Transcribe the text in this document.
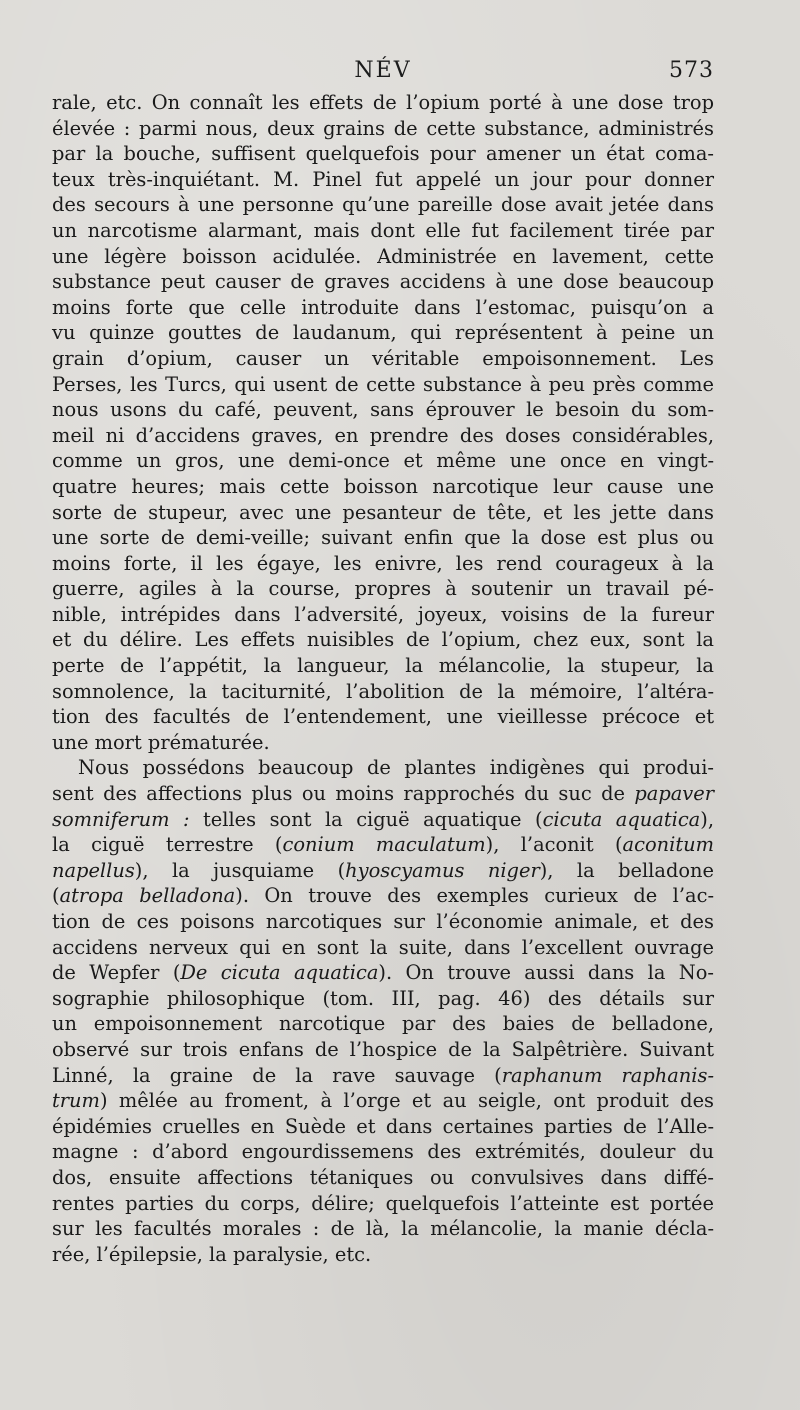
NÉV	573
rale, etc. On connaît les effets de l’opium porté à une dose trop
élevée : parmi nous, deux grains de cette substance, administrés
par la bouche, suffisent quelquefois pour amener un état coma-
teux très-inquiétant. M. Pinel fut appelé un jour pour donner
des secours à une personne qu’une pareille dose avait jetée dans
un narcotisme alarmant, mais dont elle fut facilement tirée par
une légère boisson acidulée. Administrée en lavement, cette
substance peut causer de graves accidens à une dose beaucoup
moins forte que celle introduite dans l’estomac, puisqu’on a
vu quinze gouttes de laudanum, qui représentent à peine un
grain d’opium, causer un véritable empoisonnement. Les
Perses, les Turcs, qui usent de cette substance à peu près comme
nous usons du café, peuvent, sans éprouver le besoin du som-
meil ni d’accidens graves, en prendre des doses considérables,
comme un gros, une demi-once et même une once en vingt-
quatre heures; mais cette boisson narcotique leur cause une
sorte de stupeur, avec une pesanteur de tête, et les jette dans
une sorte de demi-veille; suivant enfin que la dose est plus ou
moins forte, il les égaye, les enivre, les rend courageux à la
guerre, agiles à la course, propres à soutenir un travail pé-
nible, intrépides dans l’adversité, joyeux, voisins de la fureur
et du délire. Les effets nuisibles de l’opium, chez eux, sont la
perte de l’appétit, la langueur, la mélancolie, la stupeur, la
somnolence, la taciturnité, l’abolition de la mémoire, l’altéra-
tion des facultés de l’entendement, une vieillesse précoce et
une mort prématurée.
Nous possédons beaucoup de plantes indigènes qui produi-
sent des affections plus ou moins rapprochés du suc de papaver
somniferum : telles sont la ciguë aquatique (cicuta aquatica),
la ciguë terrestre (conium maculatum), l’aconit (aconitum
napellus), la jusquiame (hyoscyamus niger), la belladone
(atropa belladona). On trouve des exemples curieux de l’ac-
tion de ces poisons narcotiques sur l’économie animale, et des
accidens nerveux qui en sont la suite, dans l’excellent ouvrage
de Wepfer (De cicuta aquatica). On trouve aussi dans la No-
sographie philosophique (tom. III, pag. 46) des détails sur
un empoisonnement narcotique par des baies de belladone,
observé sur trois enfans de l’hospice de la Salpêtrière. Suivant
Linné, la graine de la rave sauvage (raphanum raphanis-
trum) mêlée au froment, à l’orge et au seigle, ont produit des
épidémies cruelles en Suède et dans certaines parties de l’Alle-
magne : d’abord engourdissemens des extrémités, douleur du
dos, ensuite affections tétaniques ou convulsives dans diffé-
rentes parties du corps, délire; quelquefois l’atteinte est portée
sur les facultés morales : de là, la mélancolie, la manie décla-
rée, l’épilepsie, la paralysie, etc.
